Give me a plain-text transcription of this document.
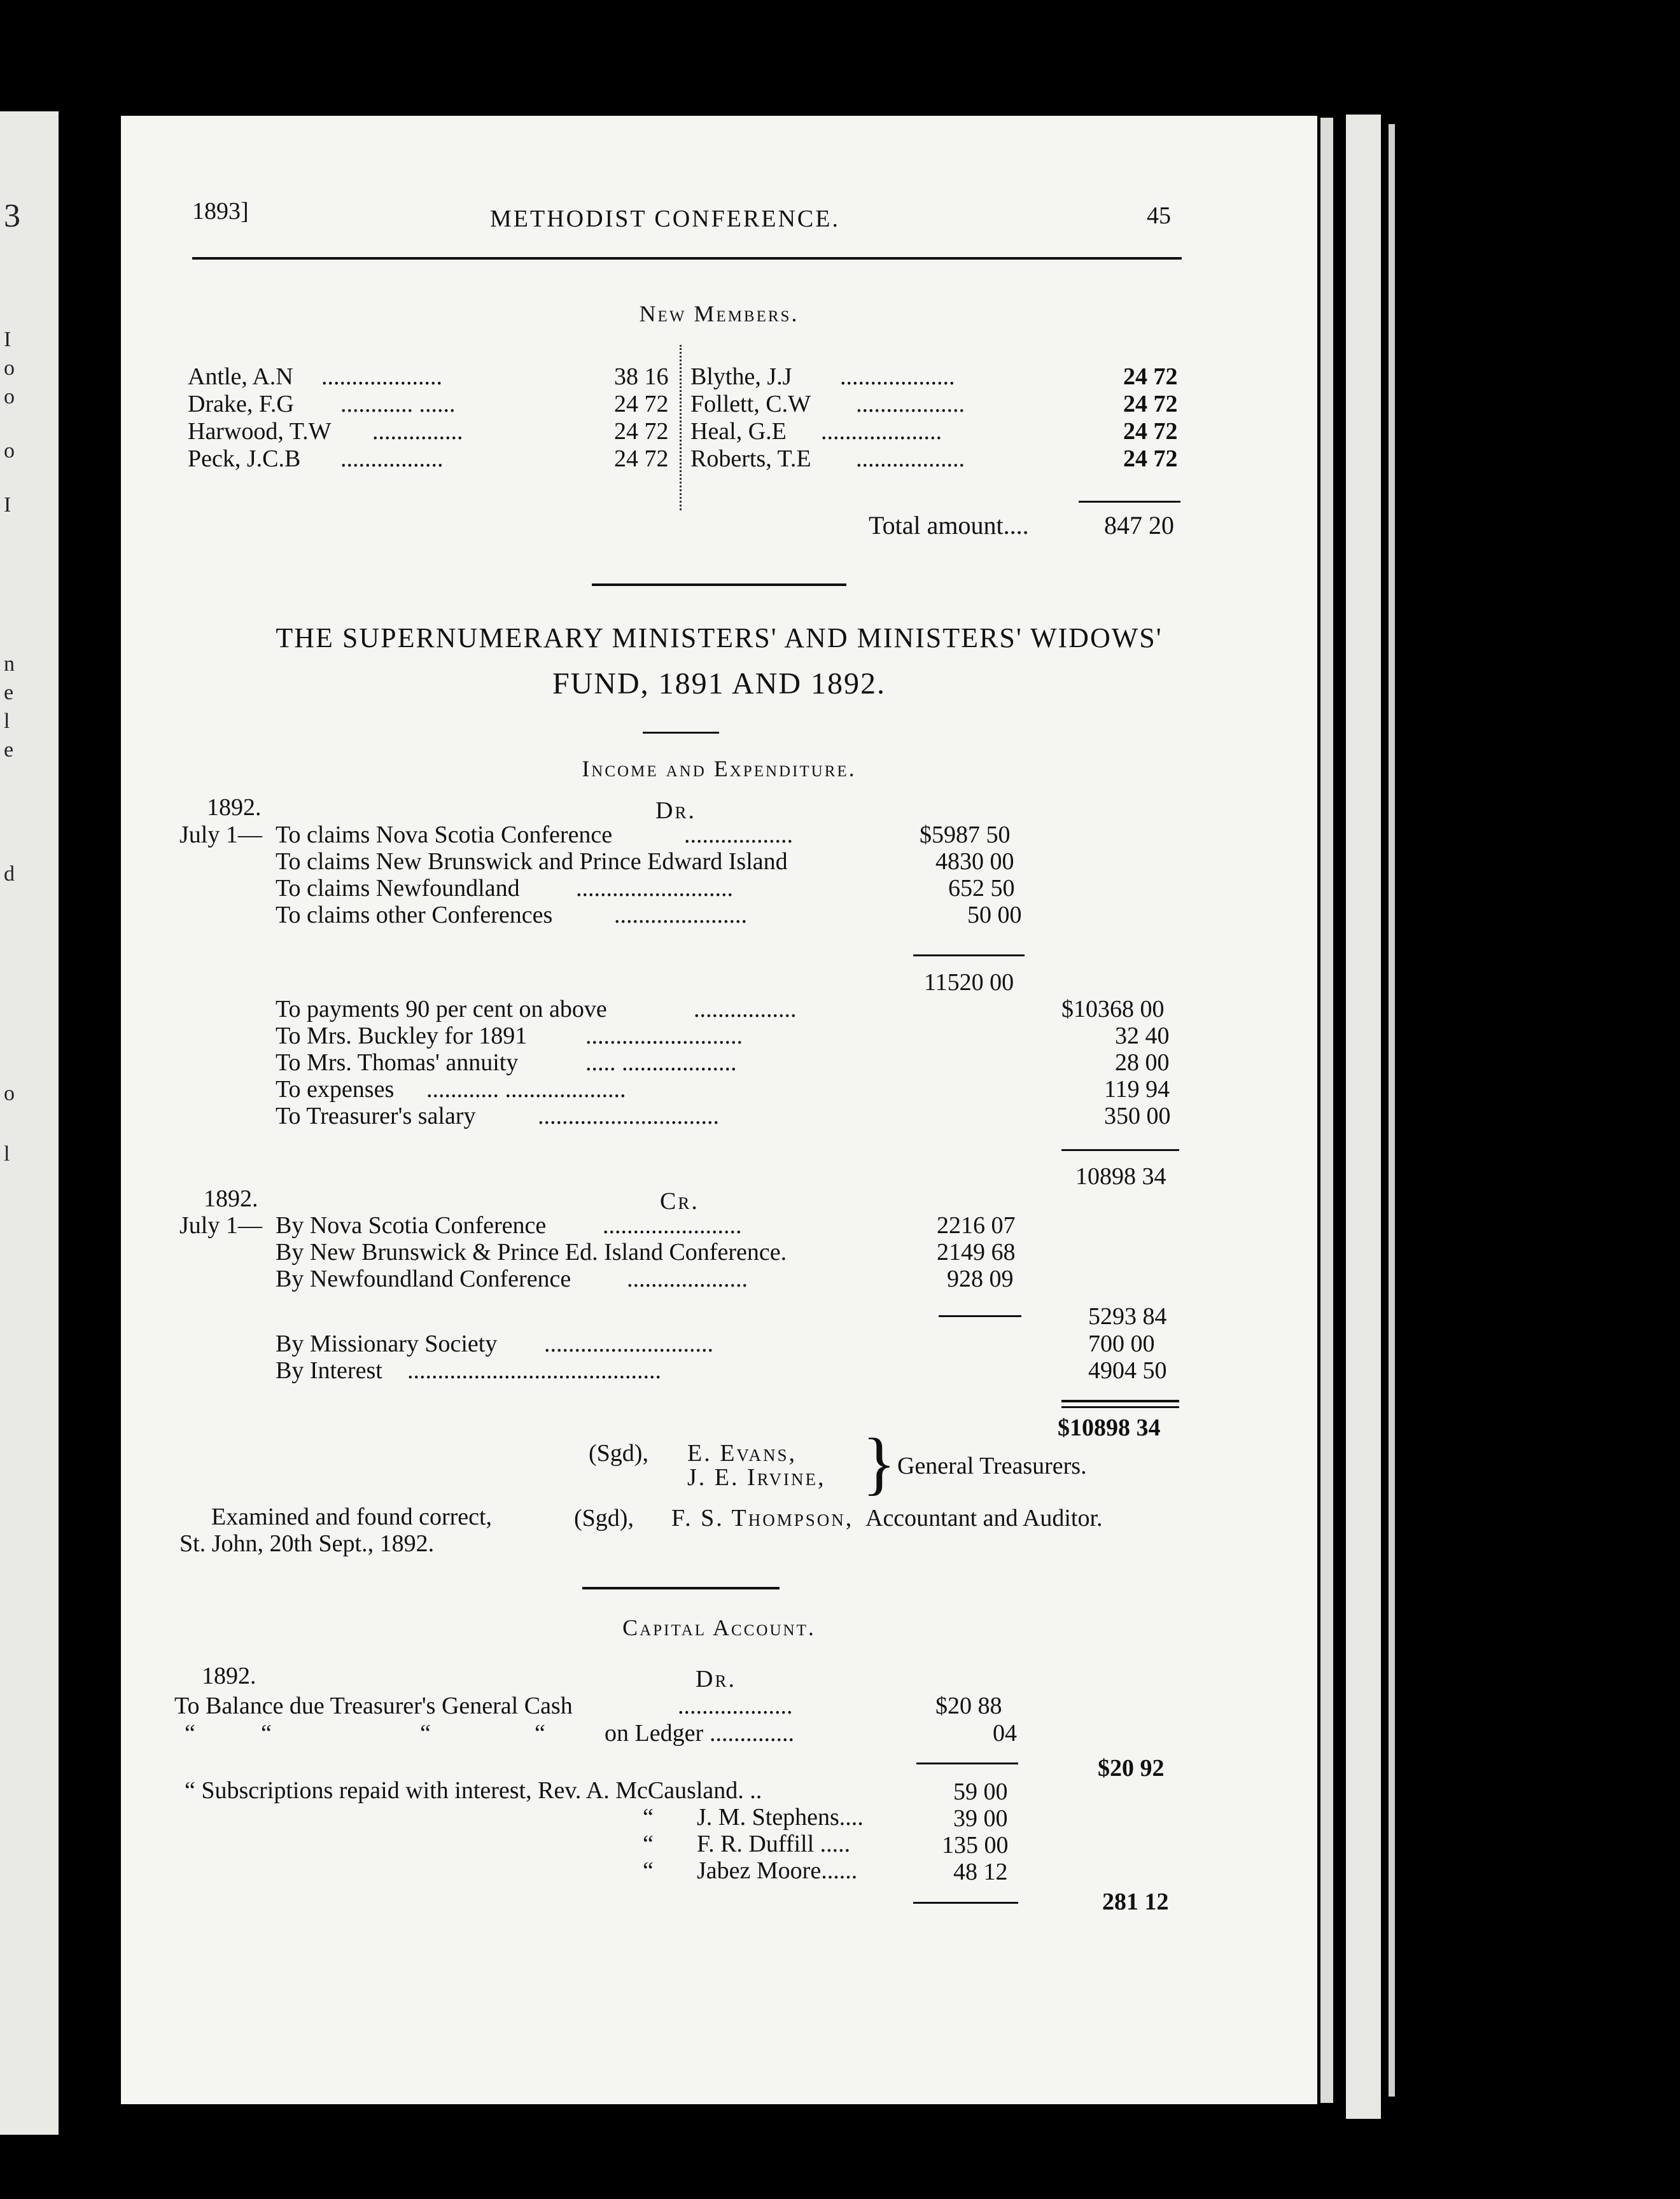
3
I
o
o
o
I
n
e
l
e
d
o
l
1893]	METHODIST CONFERENCE.	45
New Members.
Antle, A.N ....................	38 16
Drake, F.G ............ ......	24 72
Harwood, T.W ...............	24 72
Peck, J.C.B .................	24 72
Blythe, J.J ...................	24 72
Follett, C.W ..................	24 72
Heal, G.E ....................	24 72
Roberts, T.E ..................	24 72
Total amount....	847 20
THE SUPERNUMERARY MINISTERS' AND MINISTERS' WIDOWS'
FUND, 1891 AND 1892.
Income and Expenditure.
1892.	Dr.
July 1— To claims Nova Scotia Conference	..................	$5987 50
To claims New Brunswick and Prince Edward Island	4830 00
To claims Newfoundland ..........................	652 50
To claims other Conferences	......................	50 00
11520 00
To payments 90 per cent on above	.................	$10368 00
To Mrs. Buckley for 1891 ..........................	32 40
To Mrs. Thomas' annuity	..... ...................	28 00
To expenses ............ ....................	119 94
To Treasurer's salary	..............................	350 00
10898 34
1892.	Cr.
July 1— By Nova Scotia Conference .......................	2216 07
By New Brunswick & Prince Ed. Island Conference.	2149 68
By Newfoundland Conference ....................	928 09
5293 84
By Missionary Society ............................	700 00
By Interest ..........................................	4904 50
$10898 34
(Sgd), E. Evans,
J. E. Irvine, } General Treasurers.
Examined and found correct,	(Sgd), F. S. Thompson, Accountant and Auditor.
St. John, 20th Sept., 1892.
Capital Account.
1892.	Dr.
To Balance due Treasurer's General Cash	...................	$20 88
“	“	“	“ on Ledger ..............	04
$20 92
“ Subscriptions repaid with interest, Rev. A. McCausland. ..	59 00
“ J. M. Stephens....	39 00
“ F. R. Duffill .....	135 00
“ Jabez Moore......	48 12
281 12
